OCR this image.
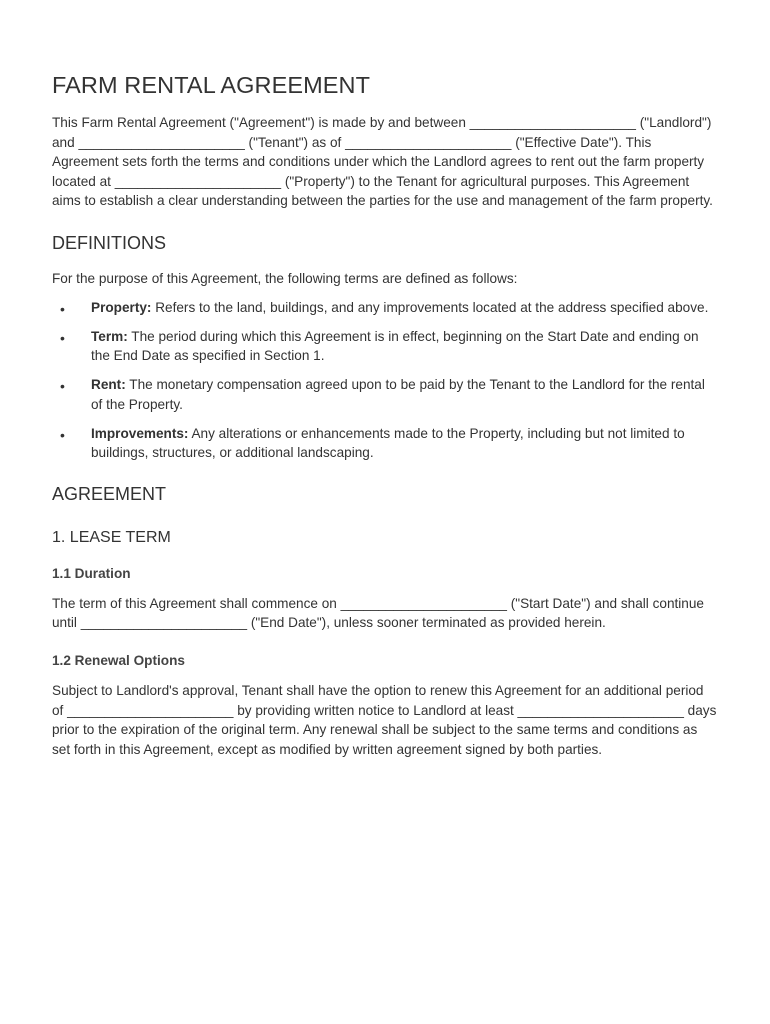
FARM RENTAL AGREEMENT

This Farm Rental Agreement ("Agreement") is made by and between ______________________ ("Landlord") and ______________________ ("Tenant") as of ______________________ ("Effective Date"). This Agreement sets forth the terms and conditions under which the Landlord agrees to rent out the farm property located at ______________________ ("Property") to the Tenant for agricultural purposes. This Agreement aims to establish a clear understanding between the parties for the use and management of the farm property.

DEFINITIONS

For the purpose of this Agreement, the following terms are defined as follows:

• Property: Refers to the land, buildings, and any improvements located at the address specified above.
• Term: The period during which this Agreement is in effect, beginning on the Start Date and ending on the End Date as specified in Section 1.
• Rent: The monetary compensation agreed upon to be paid by the Tenant to the Landlord for the rental of the Property.
• Improvements: Any alterations or enhancements made to the Property, including but not limited to buildings, structures, or additional landscaping.
AGREEMENT
1. LEASE TERM
1.1 Duration

The term of this Agreement shall commence on ______________________ ("Start Date") and shall continue until ______________________ ("End Date"), unless sooner terminated as provided herein.

1.2 Renewal Options

Subject to Landlord's approval, Tenant shall have the option to renew this Agreement for an additional period of ______________________ by providing written notice to Landlord at least ______________________ days prior to the expiration of the original term. Any renewal shall be subject to the same terms and conditions as set forth in this Agreement, except as modified by written agreement signed by both parties.
